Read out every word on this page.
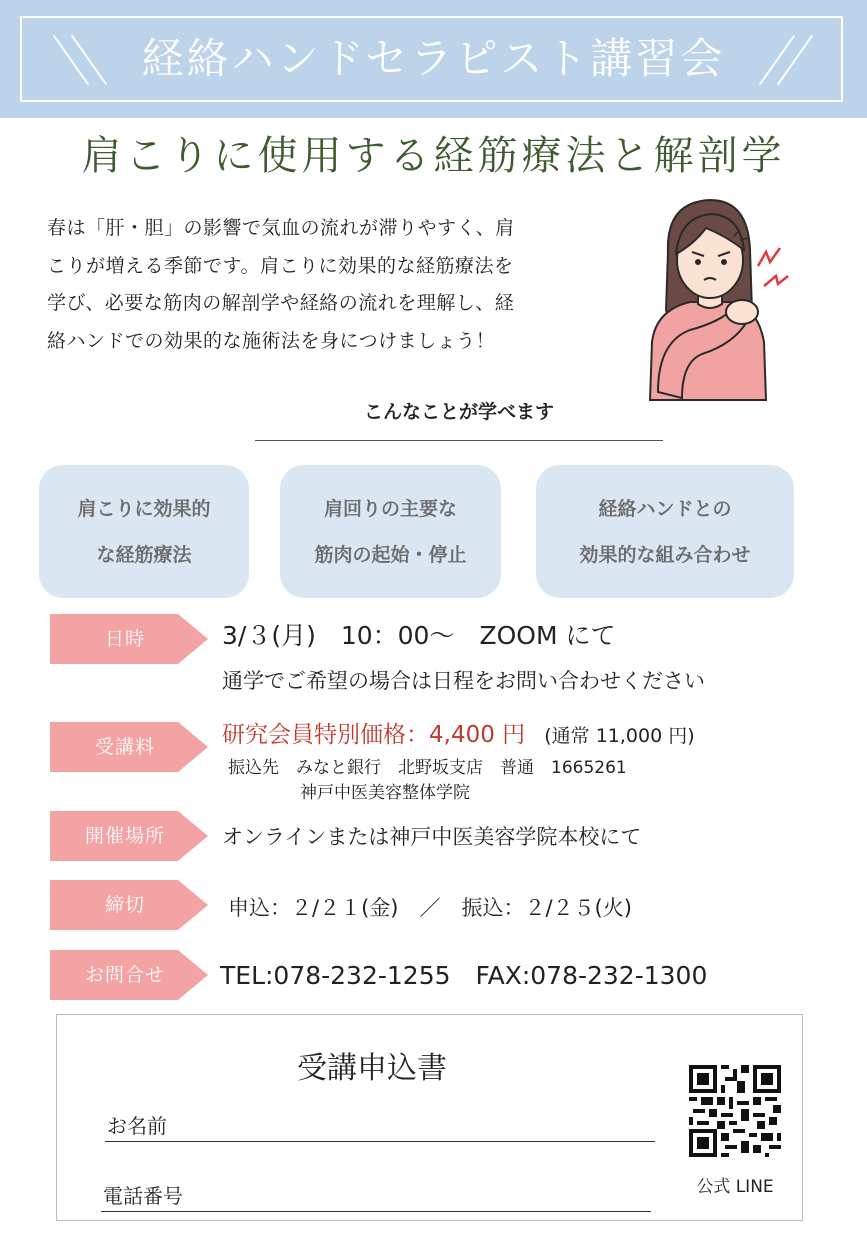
経絡ハンドセラピスト講習会
肩こりに使用する経筋療法と解剖学
春は「肝・胆」の影響で気血の流れが滞りやすく、肩
こりが増える季節です。肩こりに効果的な経筋療法を
学び、必要な筋肉の解剖学や経絡の流れを理解し、経
絡ハンドでの効果的な施術法を身につけましょう！
こんなことが学べます
肩こりに効果的
な経筋療法
肩回りの主要な
筋肉の起始・停止
経絡ハンドとの
効果的な組み合わせ
日時
受講料
開催場所
締切
お問合せ
3/３(月)　10：00～　ZOOM にて
通学でご希望の場合は日程をお問い合わせください
研究会員特別価格：4,400 円 (通常 11,000 円)
振込先　みなと銀行　北野坂支店　普通　1665261
神戸中医美容整体学院
オンラインまたは神戸中医美容学院本校にて
申込：２/２１(金)　／　振込：２/２５(火)
TEL:078-232-1255　FAX:078-232-1300
受講申込書
お名前
電話番号	公式 LINE
